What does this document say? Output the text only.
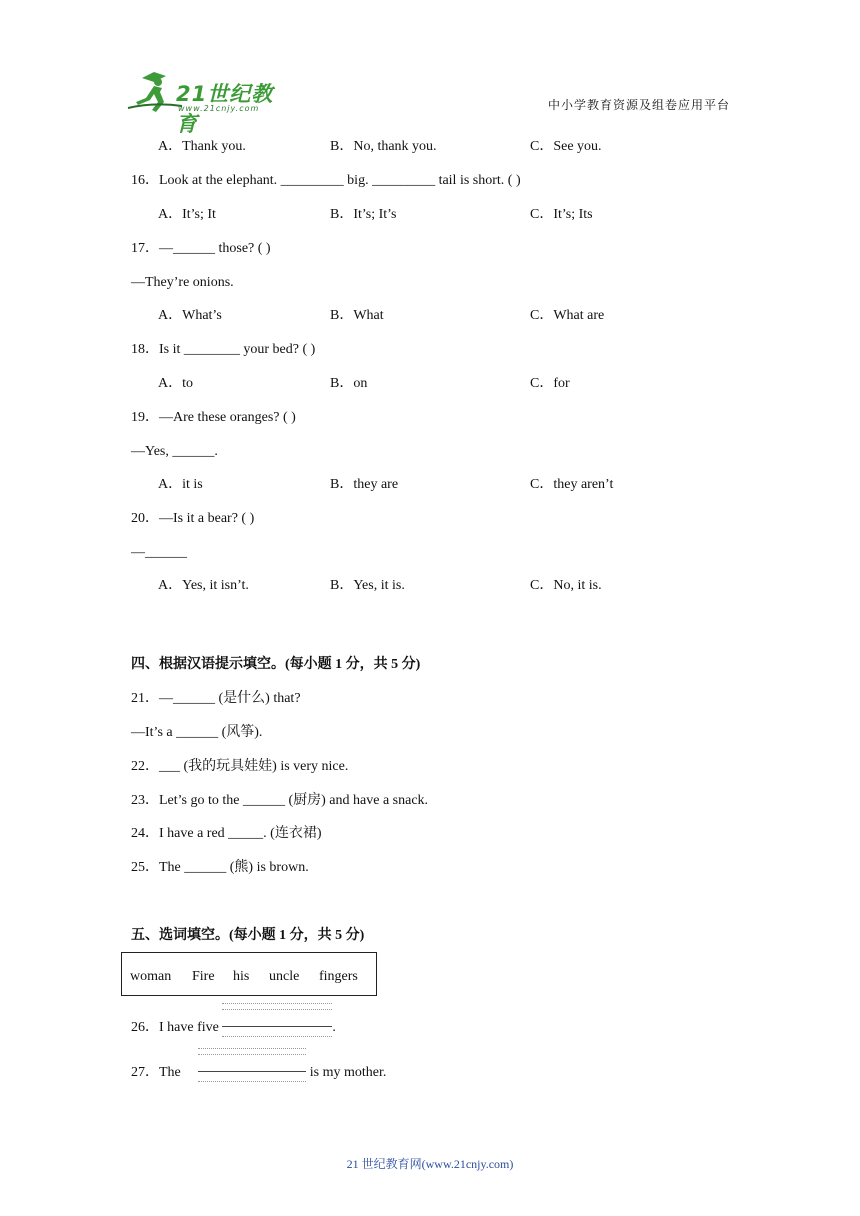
21世纪教育
www.21cnjy.com	中小学教育资源及组卷应用平台
A．Thank you.	B．No, thank you.	C．See you.
16．Look at the elephant. _________ big. _________ tail is short. ( )
A．It’s; It	B．It’s; It’s	C．It’s; Its
17．—______ those? ( )
—They’re onions.
A．What’s	B．What	C．What are
18．Is it ________ your bed? ( )
A．to	B．on	C．for
19．—Are these oranges? ( )
—Yes, ______.
A．it is	B．they are	C．they aren’t
20．—Is it a bear? ( )
—______
A．Yes, it isn’t.	B．Yes, it is.	C．No, it is.
四、根据汉语提示填空。(每小题 1 分，共 5 分)
21．—______ (是什么) that?
—It’s a ______ (风筝).
22．___ (我的玩具娃娃) is very nice.
23．Let’s go to the ______ (厨房) and have a snack.
24．I have a red _____. (连衣裙)
25．The ______ (熊) is brown.
五、选词填空。(每小题 1 分，共 5 分)
woman Fire his uncle fingers
26．I have five	.
27．The	is my mother.
21 世纪教育网(www.21cnjy.com)
